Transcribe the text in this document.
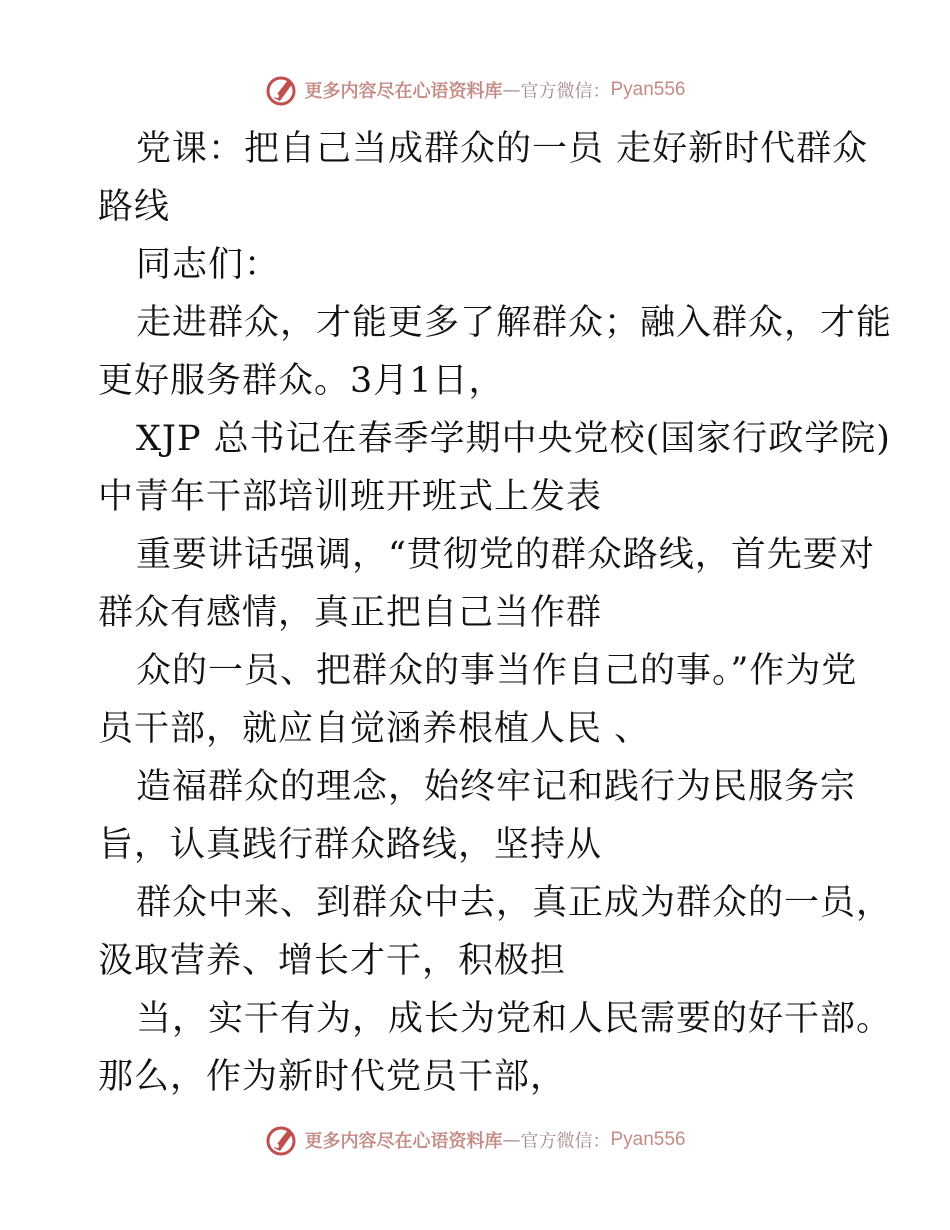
更多内容尽在心语资料库 — 官方微信： Pyan556
党课：把自己当成群众的一员 走好新时代群众
路线
同志们：
走进群众，才能更多了解群众；融入群众，才能
更好服务群众。3月1日，
XJP 总书记在春季学期中央党校(国家行政学院)
中青年干部培训班开班式上发表
重要讲话强调，“贯彻党的群众路线，首先要对
群众有感情，真正把自己当作群
众的一员、把群众的事当作自己的事。”作为党
员干部，就应自觉涵养根植人民 、
造福群众的理念，始终牢记和践行为民服务宗
旨，认真践行群众路线，坚持从
群众中来、到群众中去，真正成为群众的一员，
汲取营养、增长才干，积极担
当，实干有为，成长为党和人民需要的好干部。
那么，作为新时代党员干部，
更多内容尽在心语资料库 — 官方微信： Pyan556
